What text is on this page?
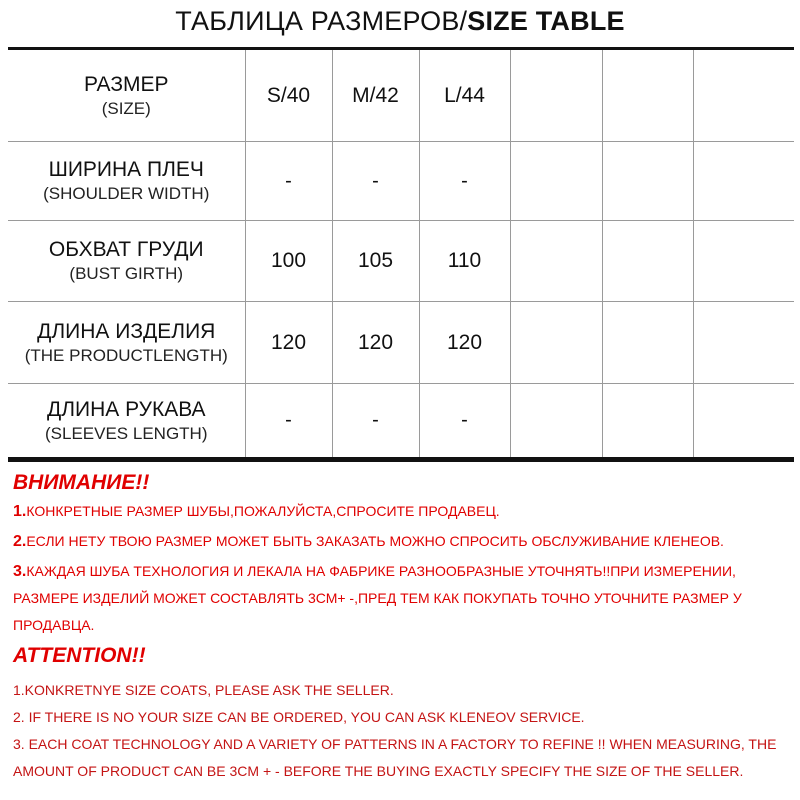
ТАБЛИЦА РАЗМЕРОВ/SIZE TABLE
РАЗМЕР
(SIZE)	S/40	M/42	L/44			

ШИРИНА ПЛЕЧ
(SHOULDER WIDTH)	-	-	-			

ОБХВАТ ГРУДИ
(BUST GIRTH)	100	105	110			

ДЛИНА ИЗДЕЛИЯ
(THE PRODUCTLENGTH)	120	120	120			

ДЛИНА РУКАВА
(SLEEVES LENGTH)	-	-	-			

ВНИМАНИЕ!!

1.КОНКРЕТНЫЕ РАЗМЕР ШУБЫ,ПОЖАЛУЙСТА,СПРОСИТЕ ПРОДАВЕЦ.

2.ЕСЛИ НЕТУ ТВОЮ РАЗМЕР МОЖЕТ БЫТЬ ЗАКАЗАТЬ МОЖНО СПРОСИТЬ ОБСЛУЖИВАНИЕ КЛЕНЕОВ.

3.КАЖДАЯ ШУБА ТЕХНОЛОГИЯ И ЛЕКАЛА НА ФАБРИКЕ РАЗНООБРАЗНЫЕ УТОЧНЯТЬ!!ПРИ ИЗМЕРЕНИИ, РАЗМЕРЕ ИЗДЕЛИЙ МОЖЕТ СОСТАВЛЯТЬ 3СМ+ -,ПРЕД ТЕМ КАК ПОКУПАТЬ ТОЧНО УТОЧНИТЕ РАЗМЕР У ПРОДАВЦА.

ATTENTION!!

1.KONKRETNYE SIZE COATS, PLEASE ASK THE SELLER.

2. IF THERE IS NO YOUR SIZE CAN BE ORDERED, YOU CAN ASK KLENEOV SERVICE.

3. EACH COAT TECHNOLOGY AND A VARIETY OF PATTERNS IN A FACTORY TO REFINE !! WHEN MEASURING, THE AMOUNT OF PRODUCT CAN BE 3CM + - BEFORE THE BUYING EXACTLY SPECIFY THE SIZE OF THE SELLER.
